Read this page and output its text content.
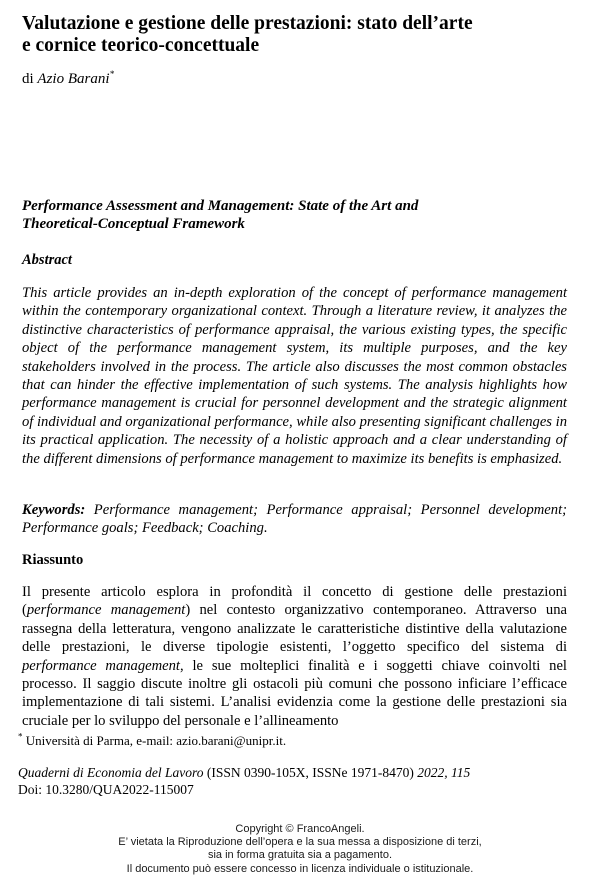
Valutazione e gestione delle prestazioni: stato dell’arte
e cornice teorico-concettuale
di Azio Barani*
Performance Assessment and Management: State of the Art and
Theoretical-Conceptual Framework
Abstract

This article provides an in-depth exploration of the concept of performance management within the contemporary organizational context. Through a literature review, it analyzes the distinctive characteristics of performance appraisal, the various existing types, the specific object of the performance management system, its multiple purposes, and the key stakeholders involved in the process. The article also discusses the most common obstacles that can hinder the effective implementation of such systems. The analysis highlights how performance management is crucial for personnel development and the strategic alignment of individual and organizational performance, while also presenting significant challenges in its practical application. The necessity of a holistic approach and a clear understanding of the different dimensions of performance management to maximize its benefits is emphasized.

Keywords: Performance management; Performance appraisal; Personnel development; Performance goals; Feedback; Coaching.

Riassunto

Il presente articolo esplora in profondità il concetto di gestione delle prestazioni (performance management) nel contesto organizzativo contemporaneo. Attraverso una rassegna della letteratura, vengono analizzate le caratteristiche distintive della valutazione delle prestazioni, le diverse tipologie esistenti, l’oggetto specifico del sistema di performance management, le sue molteplici finalità e i soggetti chiave coinvolti nel processo. Il saggio discute inoltre gli ostacoli più comuni che possono inficiare l’efficace implementazione di tali sistemi. L’analisi evidenzia come la gestione delle prestazioni sia cruciale per lo sviluppo del personale e l’allineamento

* Università di Parma, e-mail: azio.barani@unipr.it.
Quaderni di Economia del Lavoro (ISSN 0390-105X, ISSNe 1971-8470) 2022, 115
Doi: 10.3280/QUA2022-115007
Copyright © FrancoAngeli.
E’ vietata la Riproduzione dell’opera e la sua messa a disposizione di terzi,
sia in forma gratuita sia a pagamento.
Il documento può essere concesso in licenza individuale o istituzionale.
